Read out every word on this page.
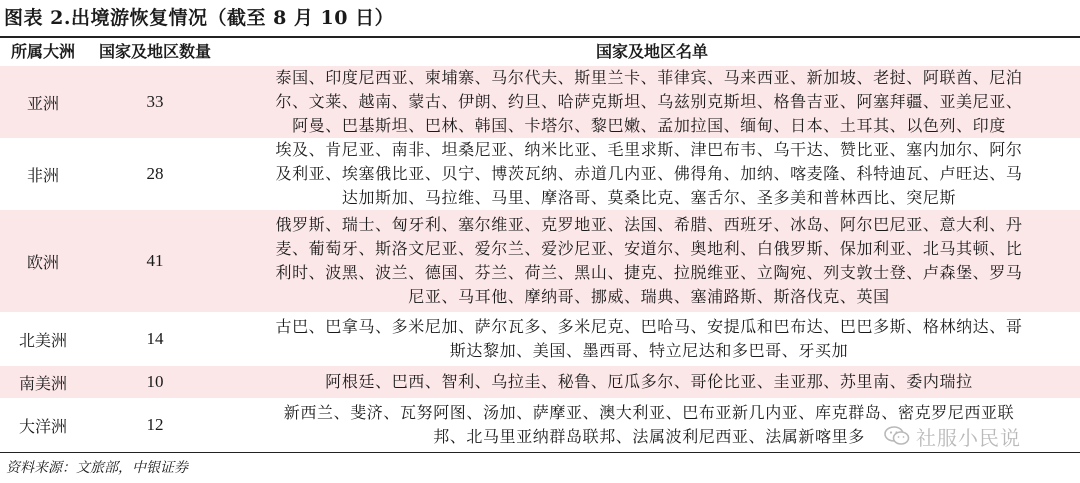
图表 2.出境游恢复情况（截至 8 月 10 日）
所属大洲	国家及地区数量	国家及地区名单
亚洲	33
泰国、印度尼西亚、柬埔寨、马尔代夫、斯里兰卡、菲律宾、马来西亚、新加坡、老挝、阿联酋、尼泊
尔、文莱、越南、蒙古、伊朗、约旦、哈萨克斯坦、乌兹别克斯坦、格鲁吉亚、阿塞拜疆、亚美尼亚、
阿曼、巴基斯坦、巴林、韩国、卡塔尔、黎巴嫩、孟加拉国、缅甸、日本、土耳其、以色列、印度
非洲	28
埃及、肯尼亚、南非、坦桑尼亚、纳米比亚、毛里求斯、津巴布韦、乌干达、赞比亚、塞内加尔、阿尔
及利亚、埃塞俄比亚、贝宁、博茨瓦纳、赤道几内亚、佛得角、加纳、喀麦隆、科特迪瓦、卢旺达、马
达加斯加、马拉维、马里、摩洛哥、莫桑比克、塞舌尔、圣多美和普林西比、突尼斯
欧洲	41
俄罗斯、瑞士、匈牙利、塞尔维亚、克罗地亚、法国、希腊、西班牙、冰岛、阿尔巴尼亚、意大利、丹
麦、葡萄牙、斯洛文尼亚、爱尔兰、爱沙尼亚、安道尔、奥地利、白俄罗斯、保加利亚、北马其顿、比
利时、波黑、波兰、德国、芬兰、荷兰、黑山、捷克、拉脱维亚、立陶宛、列支敦士登、卢森堡、罗马
尼亚、马耳他、摩纳哥、挪威、瑞典、塞浦路斯、斯洛伐克、英国
北美洲	14
古巴、巴拿马、多米尼加、萨尔瓦多、多米尼克、巴哈马、安提瓜和巴布达、巴巴多斯、格林纳达、哥
斯达黎加、美国、墨西哥、特立尼达和多巴哥、牙买加
南美洲	10	阿根廷、巴西、智利、乌拉圭、秘鲁、厄瓜多尔、哥伦比亚、圭亚那、苏里南、委内瑞拉
大洋洲	12
新西兰、斐济、瓦努阿图、汤加、萨摩亚、澳大利亚、巴布亚新几内亚、库克群岛、密克罗尼西亚联
邦、北马里亚纳群岛联邦、法属波利尼西亚、法属新喀里多	社服小民说
资料来源：文旅部，中银证券
